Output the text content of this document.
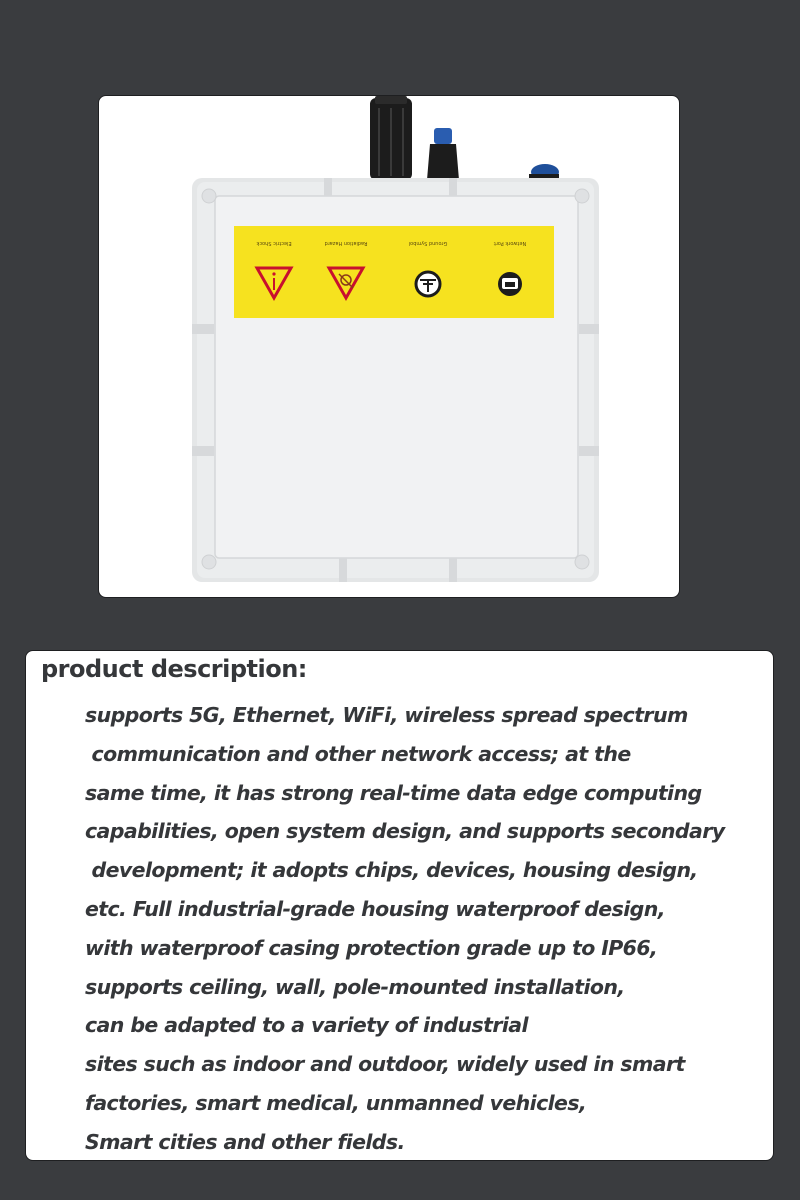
Electric Shock	Radiation Hazard	Ground Symbol	Network Port
product description:
supports 5G, Ethernet, WiFi, wireless spread spectrum
communication and other network access; at the
same time, it has strong real-time data edge computing
capabilities, open system design, and supports secondary
development; it adopts chips, devices, housing design,
etc. Full industrial-grade housing waterproof design,
with waterproof casing protection grade up to IP66,
supports ceiling, wall, pole-mounted installation,
can be adapted to a variety of industrial
sites such as indoor and outdoor, widely used in smart
factories, smart medical, unmanned vehicles,
Smart cities and other fields.
